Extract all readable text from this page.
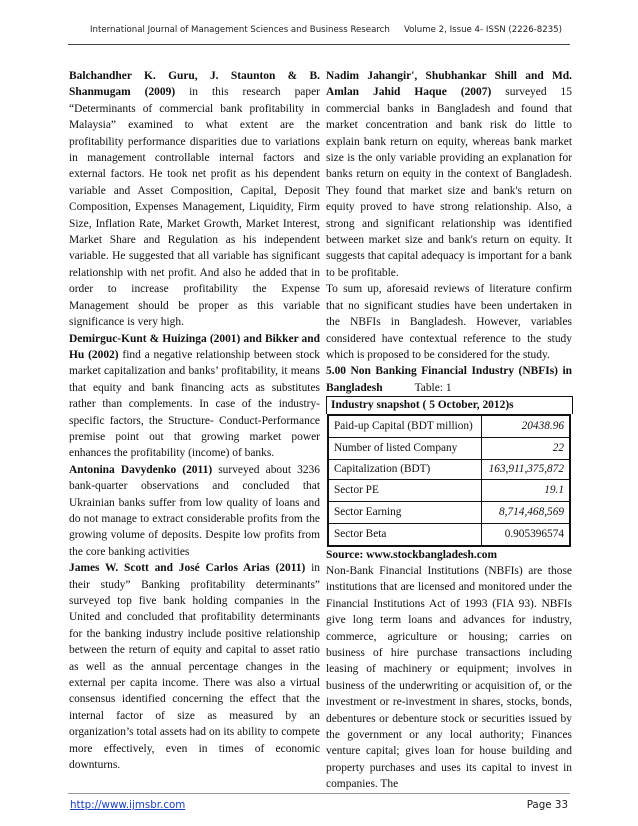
International Journal of Management Sciences and Business Research Volume 2, Issue 4- ISSN (2226-8235)

Balchandher K. Guru, J. Staunton & B. Shanmugam (2009) in this research paper “Determinants of commercial bank profitability in Malaysia” examined to what extent are the profitability performance disparities due to variations in management controllable internal factors and external factors. He took net profit as his dependent variable and Asset Composition, Capital, Deposit Composition, Expenses Management, Liquidity, Firm Size, Inflation Rate, Market Growth, Market Interest, Market Share and Regulation as his independent variable. He suggested that all variable has significant relationship with net profit. And also he added that in order to increase profitability the Expense Management should be proper as this variable significance is very high.

Demirguc-Kunt & Huizinga (2001) and Bikker and Hu (2002) find a negative relationship between stock market capitalization and banks’ profitability, it means that equity and bank financing acts as substitutes rather than complements. In case of the industry-specific factors, the Structure- Conduct-Performance premise point out that growing market power enhances the profitability (income) of banks.

Antonina Davydenko (2011) surveyed about 3236 bank-quarter observations and concluded that Ukrainian banks suffer from low quality of loans and do not manage to extract considerable profits from the growing volume of deposits. Despite low profits from the core banking activities

James W. Scott and José Carlos Arias (2011) in their study” Banking profitability determinants” surveyed top five bank holding companies in the United and concluded that profitability determinants for the banking industry include positive relationship between the return of equity and capital to asset ratio as well as the annual percentage changes in the external per capita income. There was also a virtual consensus identified concerning the effect that the internal factor of size as measured by an organization’s total assets had on its ability to compete more effectively, even in times of economic downturns.

Nadim Jahangir', Shubhankar Shill and Md. Amlan Jahid Haque (2007) surveyed 15 commercial banks in Bangladesh and found that market concentration and bank risk do little to explain bank return on equity, whereas bank market size is the only variable providing an explanation for banks return on equity in the context of Bangladesh. They found that market size and bank's return on equity proved to have strong relationship. Also, a strong and significant relationship was identified between market size and bank's return on equity. It suggests that capital adequacy is important for a bank to be profitable.

To sum up, aforesaid reviews of literature confirm that no significant studies have been undertaken in the NBFIs in Bangladesh. However, variables considered have contextual reference to the study which is proposed to be considered for the study.

5.00 Non Banking Financial Industry (NBFIs) in Bangladesh	Table: 1

Industry snapshot ( 5 October, 2012)s
Paid-up Capital (BDT million)	20438.96
Number of listed Company	22
Capitalization (BDT)	163,911,375,872
Sector PE	19.1
Sector Earning	8,714,468,569
Sector Beta	0.905396574

Source: www.stockbangladesh.com

Non-Bank Financial Institutions (NBFIs) are those institutions that are licensed and monitored under the Financial Institutions Act of 1993 (FIA 93). NBFIs give long term loans and advances for industry, commerce, agriculture or housing; carries on business of hire purchase transactions including leasing of machinery or equipment; involves in business of the underwriting or acquisition of, or the investment or re-investment in shares, stocks, bonds, debentures or debenture stock or securities issued by the government or any local authority; Finances venture capital; gives loan for house building and property purchases and uses its capital to invest in companies. The

http://www.ijmsbr.com	Page 33
